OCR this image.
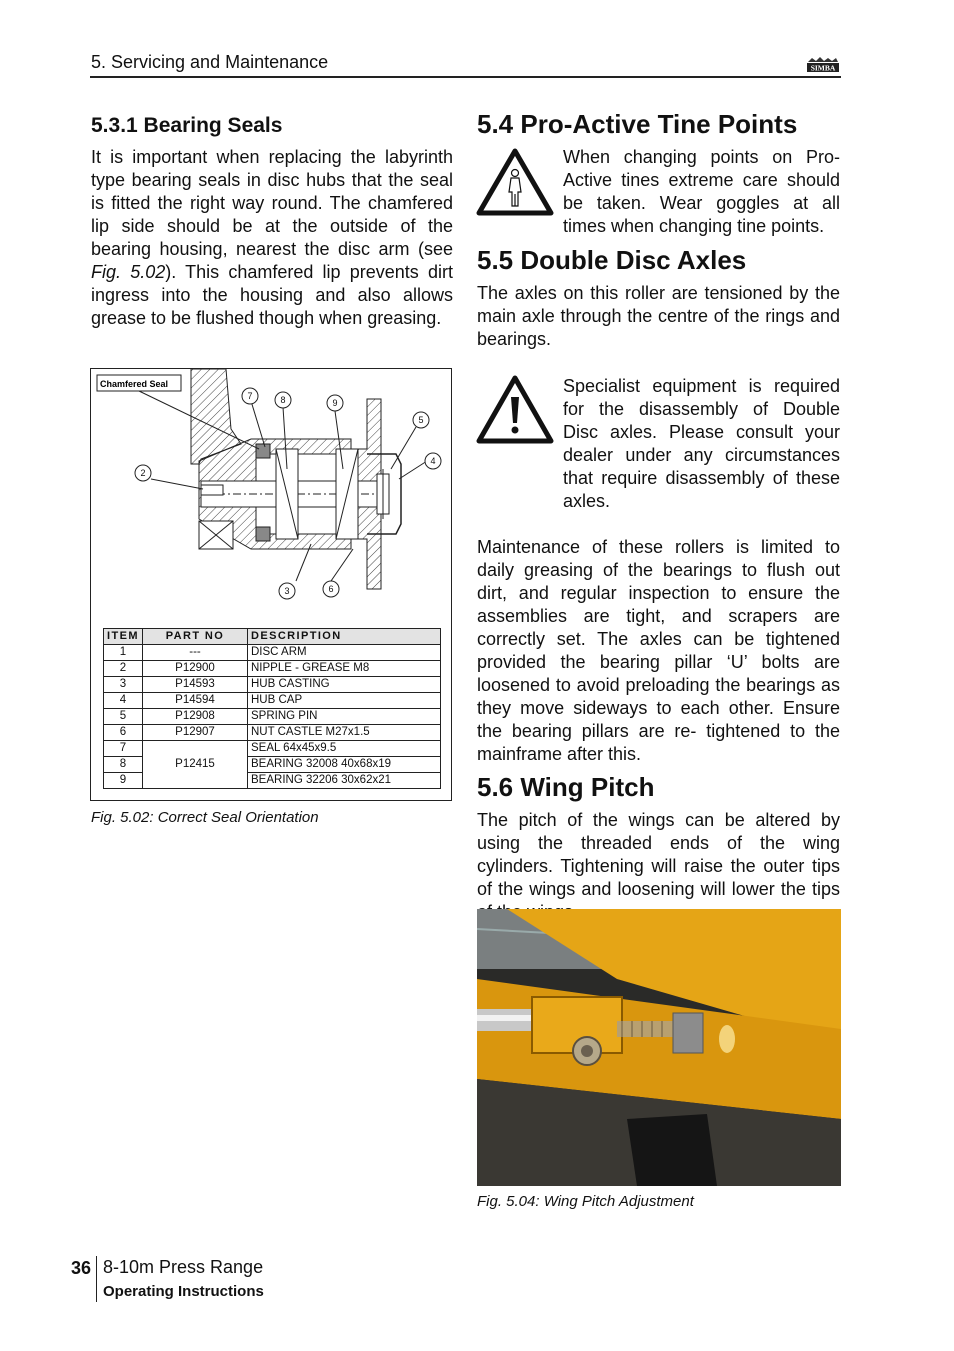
5. Servicing and Maintenance	SIMBA
5.3.1 Bearing Seals

It is important when replacing the labyrinth type bearing seals in disc hubs that the seal is fitted the right way round. The chamfered lip side should be at the outside of the bearing housing, nearest the disc arm (see Fig. 5.02). This chamfered lip prevents dirt ingress into the housing and also allows grease to be flushed though when greasing.

Chamfered Seal
7	8	9
5
4
2
3	6
ITEM	PART NO	DESCRIPTION
1	---	DISC ARM
2	P12900	NIPPLE - GREASE M8
3	P14593	HUB CASTING
4	P14594	HUB CAP
5	P12908	SPRING PIN
6	P12907	NUT CASTLE M27x1.5
7	P12415	SEAL 64x45x9.5
8		BEARING 32008 40x68x19
9		BEARING 32206 30x62x21
Fig. 5.02: Correct Seal Orientation
5.4 Pro-Active Tine Points

When changing points on Pro-Active tines extreme care should be taken. Wear goggles at all times when changing tine points.

5.5 Double Disc Axles

The axles on this roller are tensioned by the main axle through the centre of the rings and bearings.

Specialist equipment is required for the disassembly of Double Disc axles. Please consult your dealer under any circumstances that require disassembly of these axles.

Maintenance of these rollers is limited to daily greasing of the bearings to flush out dirt, and regular inspection to ensure the assemblies are tight, and scrapers are correctly set. The axles can be tightened provided the bearing pillar ‘U’ bolts are loosened to avoid preloading the bearings as they move sideways to each other. Ensure the bearing pillars are re- tightened to the mainframe after this.

5.6 Wing Pitch

The pitch of the wings can be altered by using the threaded ends of the wing cylinders. Tightening will raise the outer tips of the wings and loosening will lower the tips

Fig. 5.04: Wing Pitch Adjustment
36 8-10m Press Range
Operating Instructions
